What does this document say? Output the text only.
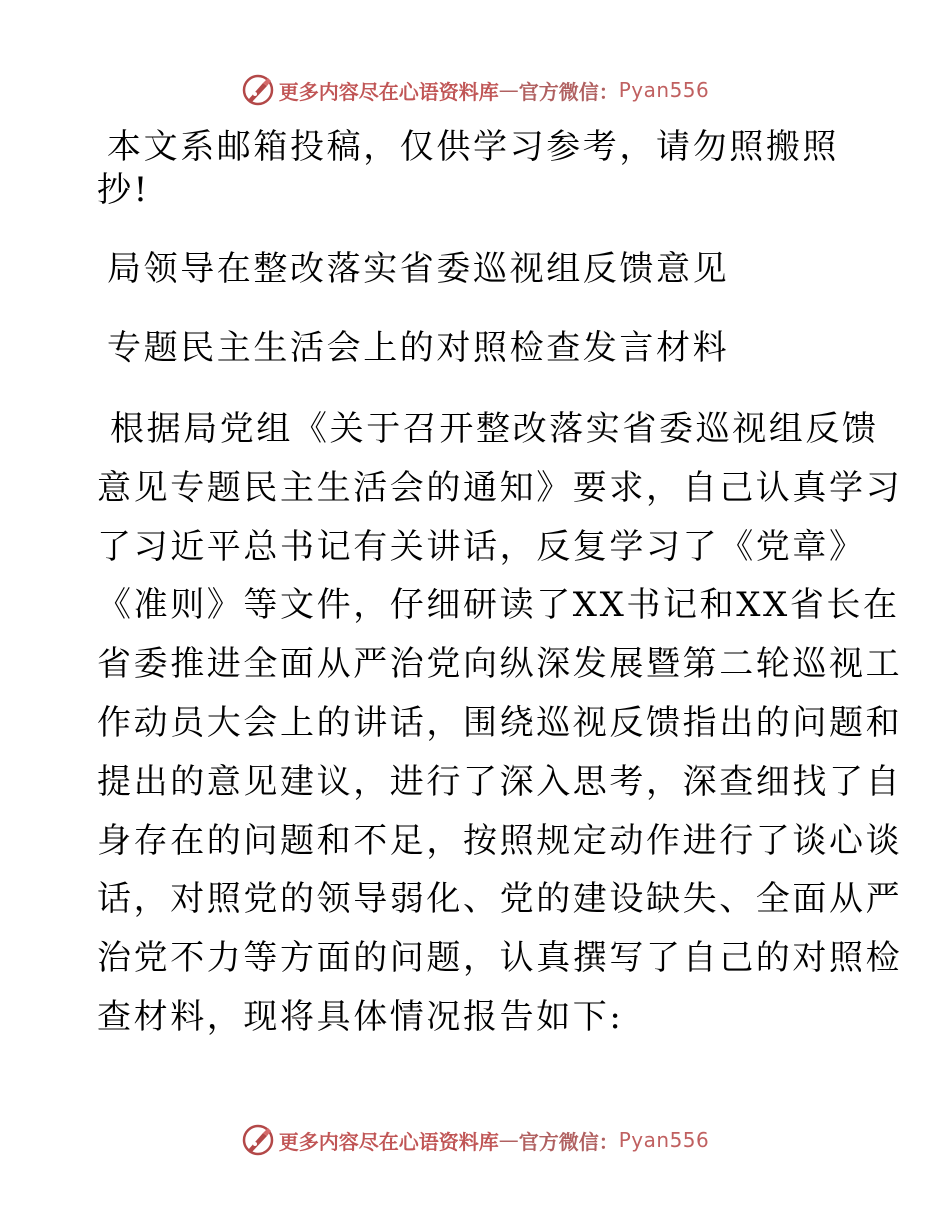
更多内容尽在心语资料库 — 官方微信： Pyan556
本文系邮箱投稿，仅供学习参考，请勿照搬照
抄!
局领导在整改落实省委巡视组反馈意见
专题民主生活会上的对照检查发言材料
根据局党组《关于召开整改落实省委巡视组反馈
意见专题民主生活会的通知》要求，自己认真学习
了习近平总书记有关讲话，反复学习了《党章》
《准则》等文件，仔细研读了XX书记和XX省长在
省委推进全面从严治党向纵深发展暨第二轮巡视工
作动员大会上的讲话，围绕巡视反馈指出的问题和
提出的意见建议，进行了深入思考，深查细找了自
身存在的问题和不足，按照规定动作进行了谈心谈
话，对照党的领导弱化、党的建设缺失、全面从严
治党不力等方面的问题，认真撰写了自己的对照检
查材料，现将具体情况报告如下:
更多内容尽在心语资料库 — 官方微信： Pyan556
